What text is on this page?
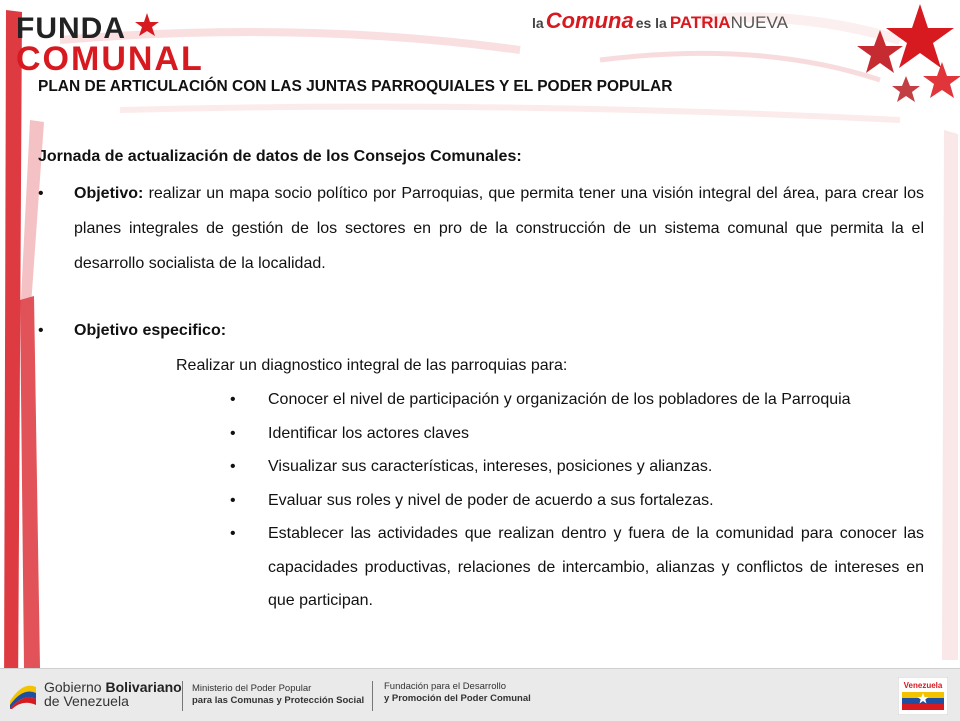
FUNDA
COMUNAL
la Comuna es la PATRIA NUEVA
PLAN DE ARTICULACIÓN CON LAS JUNTAS PARROQUIALES Y EL PODER POPULAR
Jornada de actualización de datos de los Consejos Comunales:
• Objetivo: realizar un mapa socio político por Parroquias, que permita tener una visión integral del área, para crear los planes integrales de gestión de los sectores en pro de la construcción de un sistema comunal que permita la el desarrollo socialista de la localidad.
• Objetivo especifico:
Realizar un diagnostico integral de las parroquias para:
• Conocer el nivel de participación y organización de los pobladores de la Parroquia
• Identificar los actores claves
• Visualizar sus características, intereses, posiciones y alianzas.
• Evaluar sus roles y nivel de poder de acuerdo a sus fortalezas.
• Establecer las actividades que realizan dentro y fuera de la comunidad para conocer las capacidades productivas, relaciones de intercambio, alianzas y conflictos de intereses en que participan.
Gobierno Bolivariano
de Venezuela
Ministerio del Poder Popular
para las Comunas y Protección Social
Fundación para el Desarrollo
y Promoción del Poder Comunal
Venezuela
